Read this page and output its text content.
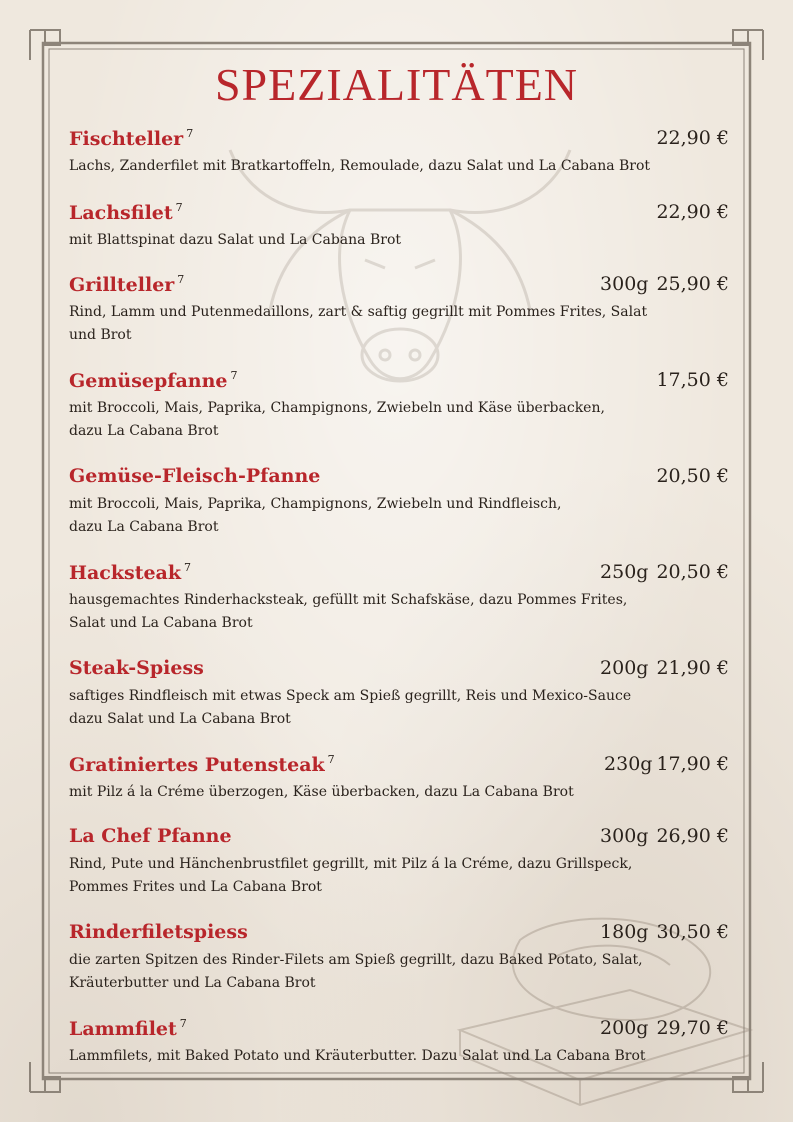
SPEZIALITÄTEN
Fischteller $^7$	22,90 €

Lachs, Zanderfilet mit Bratkartoffeln, Remoulade, dazu Salat und La Cabana Brot

Lachsfilet $^7$	22,90 €

mit Blattspinat dazu Salat und La Cabana Brot

Grillteller $^7$	300g 25,90 €

Rind, Lamm und Putenmedaillons, zart & saftig gegrillt mit Pommes Frites, Salat
und Brot

Gemüsepfanne $^7$	17,50 €

mit Broccoli, Mais, Paprika, Champignons, Zwiebeln und Käse überbacken,
dazu La Cabana Brot

Gemüse-Fleisch-Pfanne	20,50 €

mit Broccoli, Mais, Paprika, Champignons, Zwiebeln und Rindfleisch,
dazu La Cabana Brot

Hacksteak $^7$	250g 20,50 €

hausgemachtes Rinderhacksteak, gefüllt mit Schafskäse, dazu Pommes Frites,
Salat und La Cabana Brot

Steak-Spiess	200g 21,90 €

saftiges Rindfleisch mit etwas Speck am Spieß gegrillt, Reis und Mexico-Sauce
dazu Salat und La Cabana Brot

Gratiniertes Putensteak $^7$	230g 17,90 €

mit Pilz á la Créme überzogen, Käse überbacken, dazu La Cabana Brot

La Chef Pfanne	300g 26,90 €

Rind, Pute und Hänchenbrustfilet gegrillt, mit Pilz á la Créme, dazu Grillspeck,
Pommes Frites und La Cabana Brot

Rinderfiletspiess	180g 30,50 €

die zarten Spitzen des Rinder-Filets am Spieß gegrillt, dazu Baked Potato, Salat,
Kräuterbutter und La Cabana Brot

Lammfilet $^7$	200g 29,70 €

Lammfilets, mit Baked Potato und Kräuterbutter. Dazu Salat und La Cabana Brot
